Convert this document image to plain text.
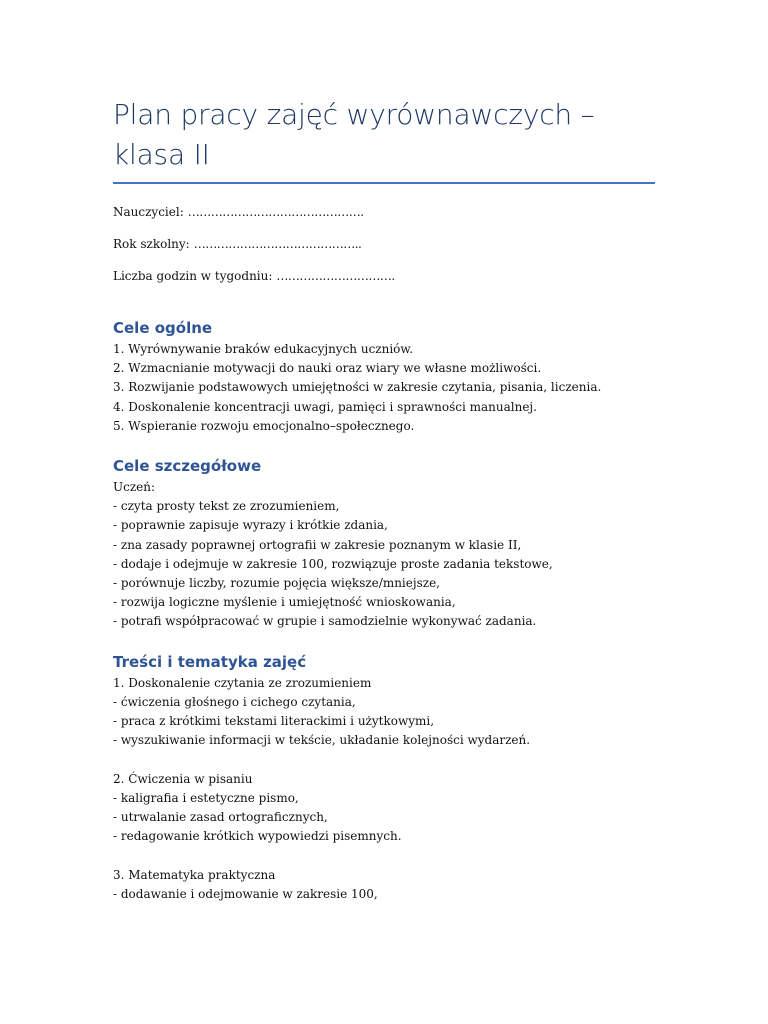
Plan pracy zajęć wyrównawczych –
klasa II
Nauczyciel: ……………………………………….
Rok szkolny: ……………………………………..
Liczba godzin w tygodniu: ………………………….
Cele ogólne
1. Wyrównywanie braków edukacyjnych uczniów.
2. Wzmacnianie motywacji do nauki oraz wiary we własne możliwości.
3. Rozwijanie podstawowych umiejętności w zakresie czytania, pisania, liczenia.
4. Doskonalenie koncentracji uwagi, pamięci i sprawności manualnej.
5. Wspieranie rozwoju emocjonalno–społecznego.
Cele szczegółowe
Uczeń:
- czyta prosty tekst ze zrozumieniem,
- poprawnie zapisuje wyrazy i krótkie zdania,
- zna zasady poprawnej ortografii w zakresie poznanym w klasie II,
- dodaje i odejmuje w zakresie 100, rozwiązuje proste zadania tekstowe,
- porównuje liczby, rozumie pojęcia większe/mniejsze,
- rozwija logiczne myślenie i umiejętność wnioskowania,
- potrafi współpracować w grupie i samodzielnie wykonywać zadania.
Treści i tematyka zajęć
1. Doskonalenie czytania ze zrozumieniem
- ćwiczenia głośnego i cichego czytania,
- praca z krótkimi tekstami literackimi i użytkowymi,
- wyszukiwanie informacji w tekście, układanie kolejności wydarzeń.
2. Ćwiczenia w pisaniu
- kaligrafia i estetyczne pismo,
- utrwalanie zasad ortograficznych,
- redagowanie krótkich wypowiedzi pisemnych.
3. Matematyka praktyczna
- dodawanie i odejmowanie w zakresie 100,
